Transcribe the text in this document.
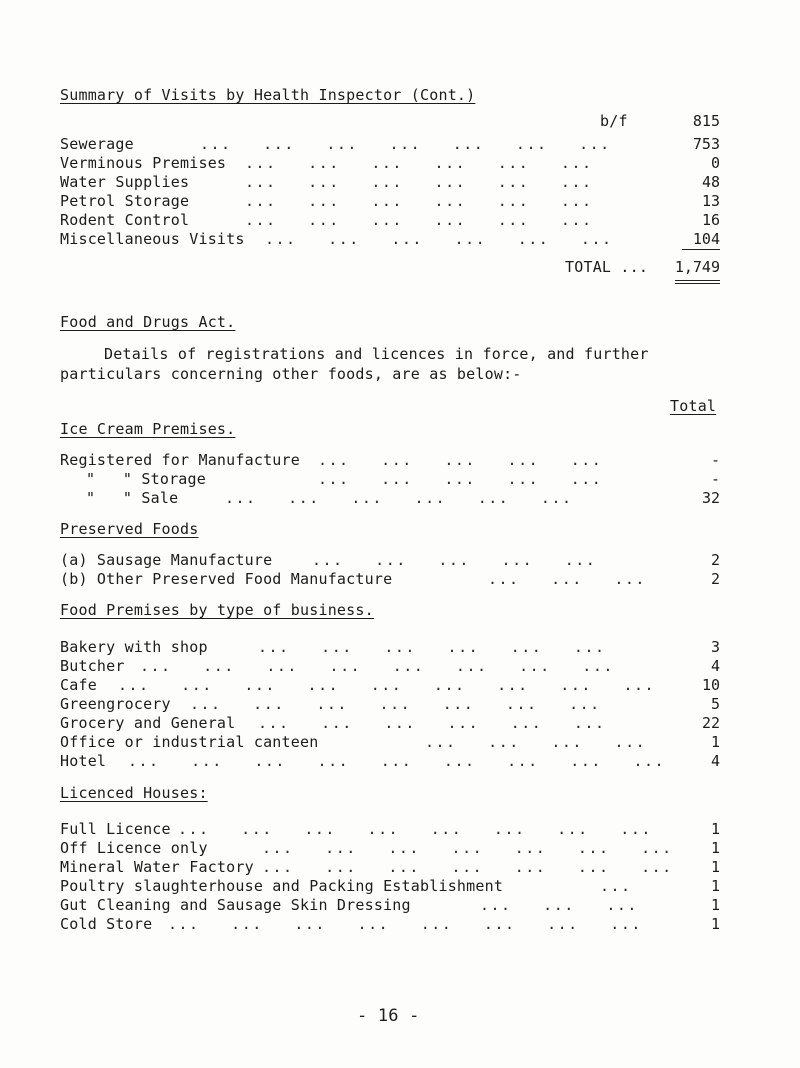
Summary of Visits by Health Inspector (Cont.)
b/f	815
Sewerage	...   ...   ...   ...   ...   ...   ...	753
Verminous Premises ...   ...   ...   ...   ...   ...	0
Water Supplies	...   ...   ...   ...   ...   ...	48
Petrol Storage	...   ...   ...   ...   ...   ...	13
Rodent Control	...   ...   ...   ...   ...   ...	16
Miscellaneous Visits ...   ...   ...   ...   ...   ...	104
TOTAL ...	1,749
Food and Drugs Act.
Details of registrations and licences in force, and further
particulars concerning other foods, are as below:-
Total
Ice Cream Premises.
Registered for Manufacture ...   ...   ...   ...   ...	-
"   " Storage	...   ...   ...   ...   ...	-
"   " Sale	...   ...   ...   ...   ...   ...	32
Preserved Foods
(a) Sausage Manufacture	...   ...   ...   ...   ...	2
(b) Other Preserved Food Manufacture	...   ...   ...	2
Food Premises by type of business.
Bakery with shop	...   ...   ...   ...   ...   ...	3
Butcher ...   ...   ...   ...   ...   ...   ...   ...	4
Cafe ...   ...   ...   ...   ...   ...   ...   ...   ...	10
Greengrocery ...   ...   ...   ...   ...   ...   ...	5
Grocery and General ...   ...   ...   ...   ...   ...	22
Office or industrial canteen	...   ...   ...   ...	1
Hotel ...   ...   ...   ...   ...   ...   ...   ...   ...	4
Licenced Houses:
Full Licence ...   ...   ...   ...   ...   ...   ...   ...	1
Off Licence only	...   ...   ...   ...   ...   ...   ...	1
Mineral Water Factory ...   ...   ...   ...   ...   ...   ...	1
Poultry slaughterhouse and Packing Establishment	...	1
Gut Cleaning and Sausage Skin Dressing	...   ...   ...	1
Cold Store ...   ...   ...   ...   ...   ...   ...   ...	1
- 16 -
